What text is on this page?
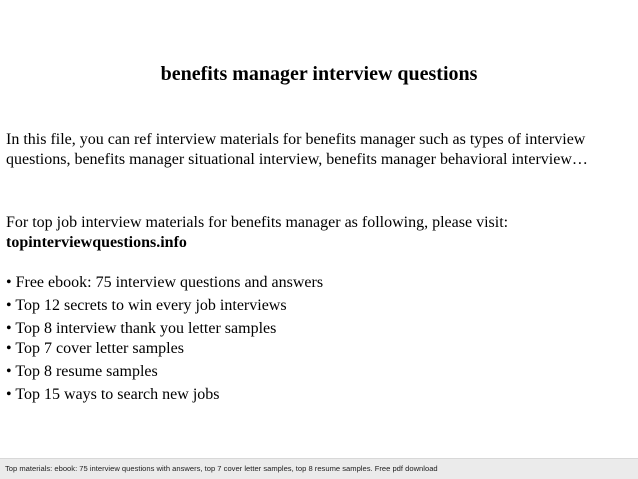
benefits manager interview questions
In this file, you can ref interview materials for benefits manager such as types of interview questions, benefits manager situational interview, benefits manager behavioral interview…
For top job interview materials for benefits manager as following, please visit:
topinterviewquestions.info
• Free ebook: 75 interview questions and answers
• Top 12 secrets to win every job interviews
• Top 8 interview thank you letter samples
• Top 7 cover letter samples
• Top 8 resume samples
• Top 15 ways to search new jobs
Top materials: ebook: 75 interview questions with answers, top 7 cover letter samples, top 8 resume samples. Free pdf download
